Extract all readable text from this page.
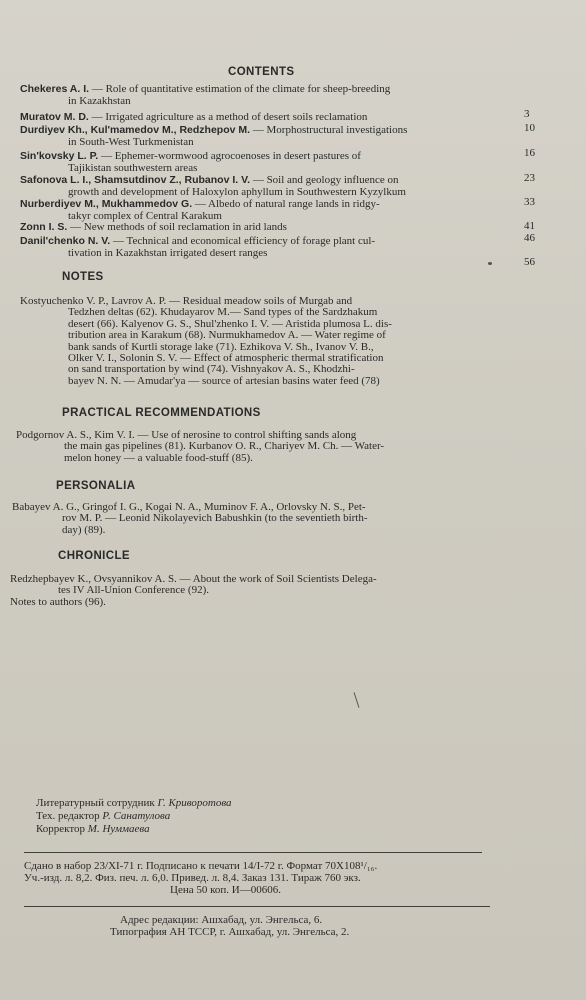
CONTENTS
Chekeres A. I. — Role of quantitative estimation of the climate for sheep-breeding
in Kazakhstan
3
Muratov M. D. — Irrigated agriculture as a method of desert soils reclamation
10
Durdiyev Kh., Kul'mamedov M., Redzhepov M. — Morphostructural investigations
in South-West Turkmenistan
16
Sin'kovsky L. P. — Ephemer-wormwood agrocoenoses in desert pastures of
Tajikistan southwestern areas
23
Safonova L. I., Shamsutdinov Z., Rubanov I. V. — Soil and geology influence on
growth and development of Haloxylon aphyllum in Southwestern Kyzylkum
33
Nurberdiyev M., Mukhammedov G. — Albedo of natural range lands in ridgy-
takyr complex of Central Karakum
41
Zonn I. S. — New methods of soil reclamation in arid lands
46
Danil'chenko N. V. — Technical and economical efficiency of forage plant cul-
tivation in Kazakhstan irrigated desert ranges
56
NOTES
Kostyuchenko V. P., Lavrov A. P. — Residual meadow soils of Murgab and
Tedzhen deltas (62). Khudayarov M.— Sand types of the Sardzhakum
desert (66). Kalyenov G. S., Shul'zhenko I. V. — Aristida plumosa L. dis-
tribution area in Karakum (68). Nurmukhamedov A. — Water regime of
bank sands of Kurtli storage lake (71). Ezhikova V. Sh., Ivanov V. B.,
Olker V. I., Solonin S. V. — Effect of atmospheric thermal stratification
on sand transportation by wind (74). Vishnyakov A. S., Khodzhi-
bayev N. N. — Amudar'ya — source of artesian basins water feed (78)
PRACTICAL RECOMMENDATIONS
Podgornov A. S., Kim V. I. — Use of nerosine to control shifting sands along
the main gas pipelines (81). Kurbanov O. R., Chariyev M. Ch. — Water-
melon honey — a valuable food-stuff (85).
PERSONALIA
Babayev A. G., Gringof I. G., Kogai N. A., Muminov F. A., Orlovsky N. S., Pet-
rov M. P. — Leonid Nikolayevich Babushkin (to the seventieth birth-
day) (89).
CHRONICLE
Redzhepbayev K., Ovsyannikov A. S. — About the work of Soil Scientists Delega-
tes IV All-Union Conference (92).
Notes to authors (96).
Литературный сотрудник Г. Криворотова
Тех. редактор Р. Санатулова
Корректор М. Нуммаева
Сдано в набор 23/XI-71 г. Подписано к печати 14/I-72 г. Формат 70Х108¹/₁₆.
Уч.-изд. л. 8,2. Физ. печ. л. 6,0. Привед. л. 8,4. Заказ 131. Тираж 760 экз.
Цена 50 коп. И—00606.
Адрес редакции: Ашхабад, ул. Энгельса, 6.
Типография АН ТССР, г. Ашхабад, ул. Энгельса, 2.
